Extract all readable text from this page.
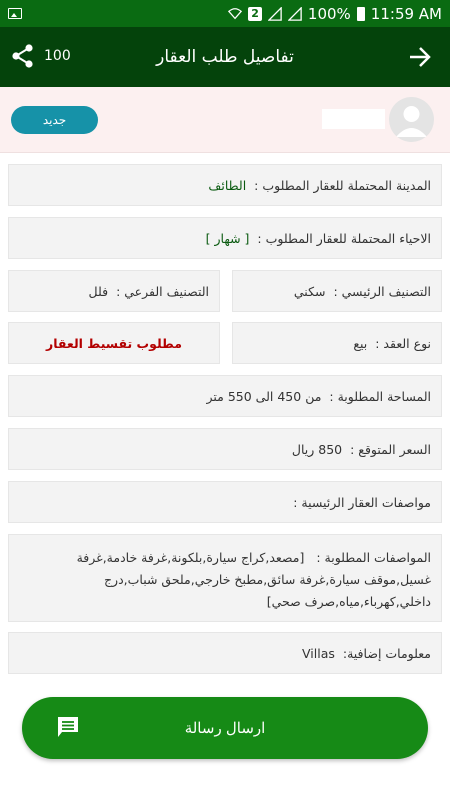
2	100% 11:59 AM
100	تفاصيل طلب العقار
جديد
المدينة المحتملة للعقار المطلوب :
الطائف
الاحياء المحتملة للعقار المطلوب :
[ شهار ]
التصنيف الرئيسي :
سكني
التصنيف الفرعي :
فلل
نوع العقد :
بيع
مطلوب تقسيط العقار
المساحة المطلوبة :
من 450 الى 550 متر
السعر المتوقع :
850 ريال
مواصفات العقار الرئيسية :
المواصفات المطلوبة : [مصعد,كراج سيارة,بلكونة,غرفة خادمة,غرفة غسيل,موقف سيارة,غرفة سائق,مطبخ خارجي,ملحق شباب,درج داخلي,كهرباء,مياه,صرف صحي]
معلومات إضافية:
Villas
ارسال رسالة
